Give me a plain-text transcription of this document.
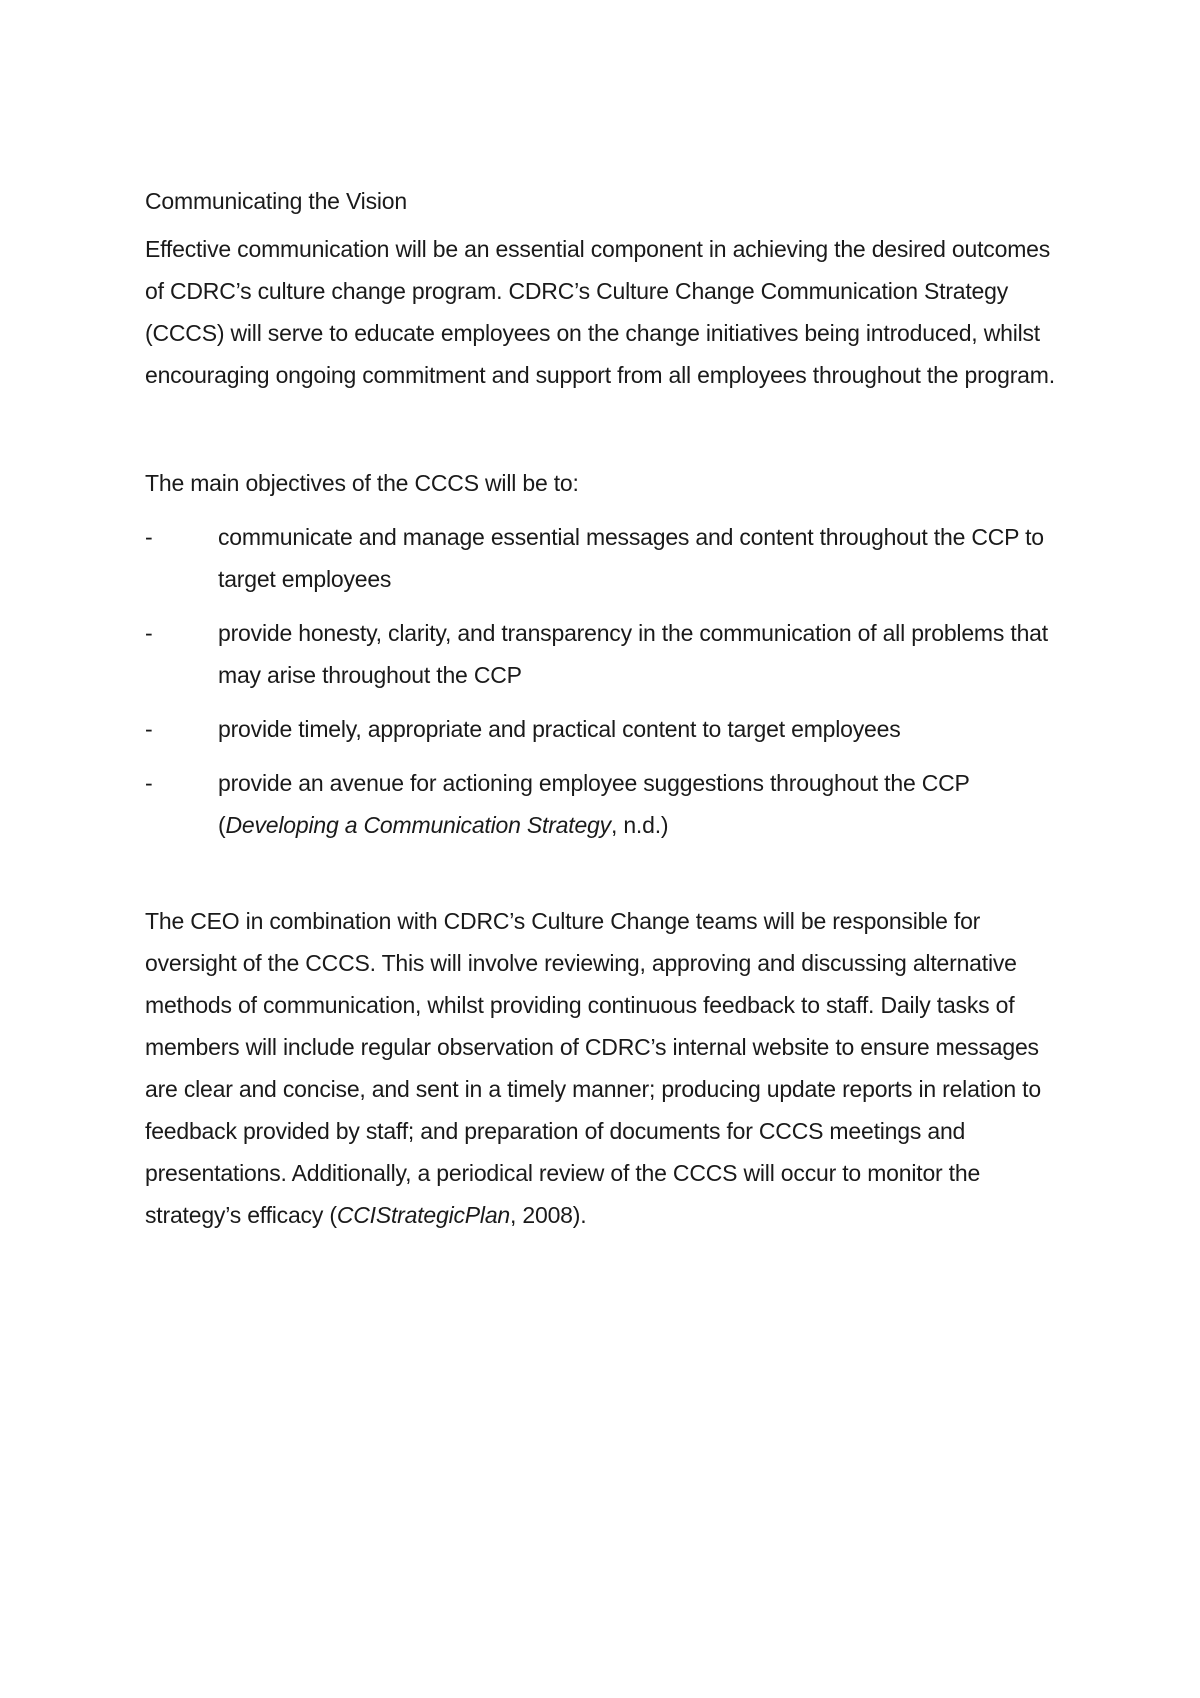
Communicating the Vision

Effective communication will be an essential component in achieving the desired outcomes of CDRC’s culture change program. CDRC’s Culture Change Communication Strategy (CCCS) will serve to educate employees on the change initiatives being introduced, whilst encouraging ongoing commitment and support from all employees throughout the program.

The main objectives of the CCCS will be to:

-	communicate and manage essential messages and content throughout the CCP to target employees
-	provide honesty, clarity, and transparency in the communication of all problems that may arise throughout the CCP
-	provide timely, appropriate and practical content to target employees
-	provide an avenue for actioning employee suggestions throughout the CCP
(Developing a Communication Strategy, n.d.)

The CEO in combination with CDRC’s Culture Change teams will be responsible for oversight of the CCCS. This will involve reviewing, approving and discussing alternative methods of communication, whilst providing continuous feedback to staff. Daily tasks of members will include regular observation of CDRC’s internal website to ensure messages are clear and concise, and sent in a timely manner; producing update reports in relation to feedback provided by staff; and preparation of documents for CCCS meetings and presentations. Additionally, a periodical review of the CCCS will occur to monitor the strategy’s efficacy (CCIStrategicPlan, 2008).
